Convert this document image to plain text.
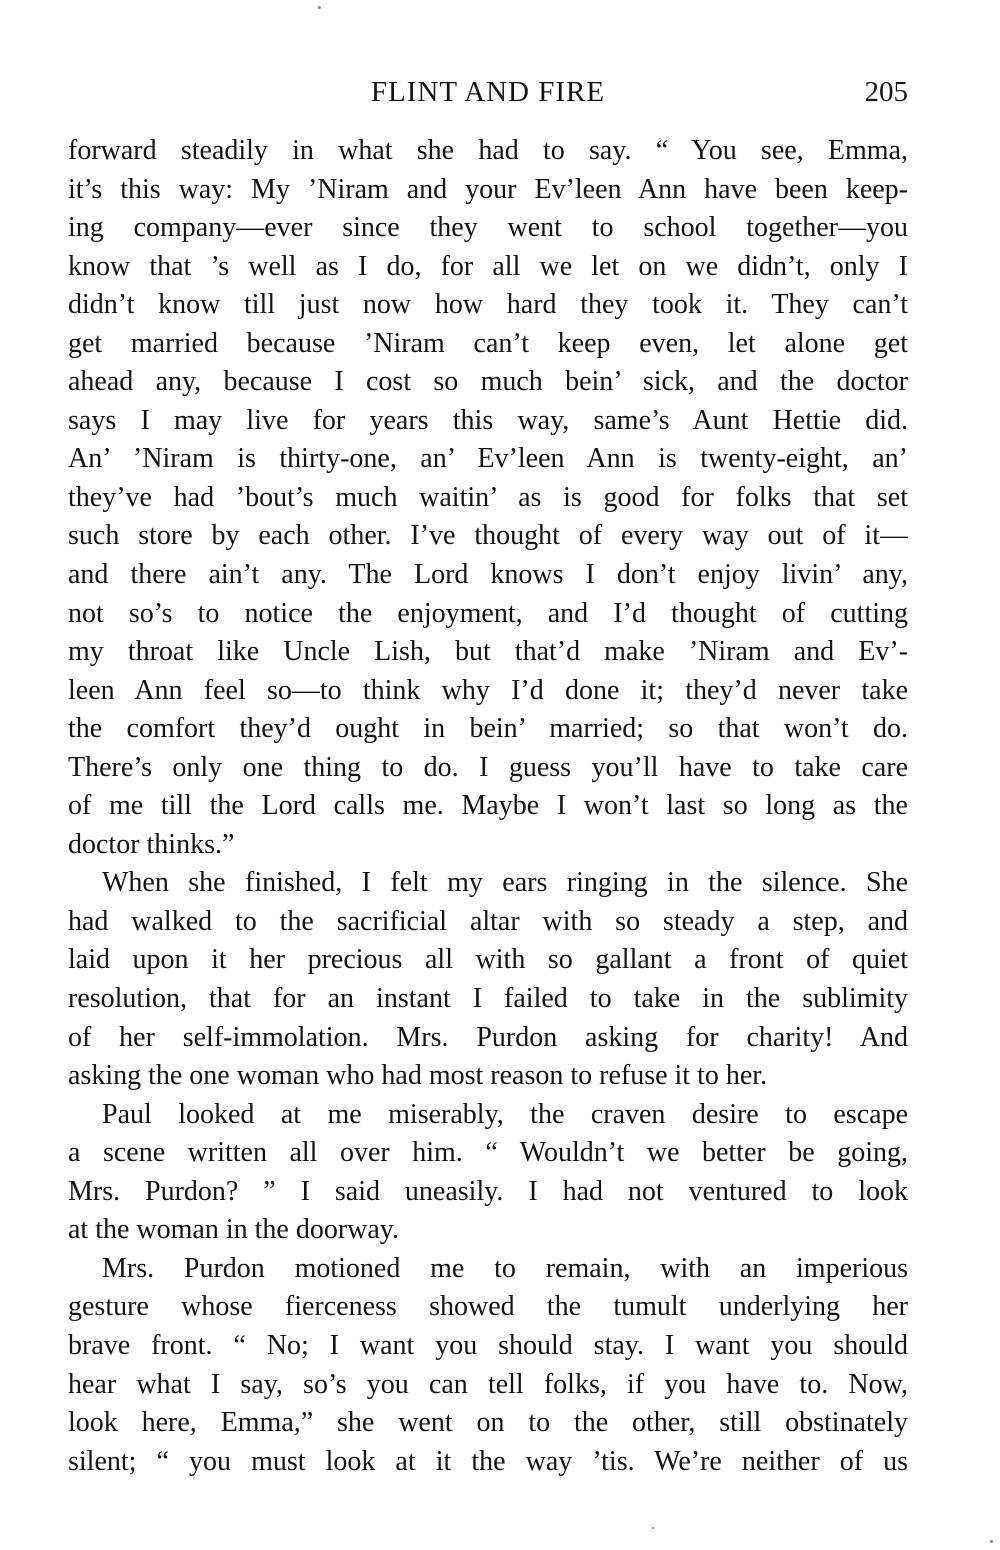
FLINT AND FIRE	205
forward steadily in what she had to say. “ You see, Emma,
it’s this way: My ’Niram and your Ev’leen Ann have been keep-
ing company—ever since they went to school together—you
know that ’s well as I do, for all we let on we didn’t, only I
didn’t know till just now how hard they took it. They can’t
get married because ’Niram can’t keep even, let alone get
ahead any, because I cost so much bein’ sick, and the doctor
says I may live for years this way, same’s Aunt Hettie did.
An’ ’Niram is thirty-one, an’ Ev’leen Ann is twenty-eight, an’
they’ve had ’bout’s much waitin’ as is good for folks that set
such store by each other. I’ve thought of every way out of it—
and there ain’t any. The Lord knows I don’t enjoy livin’ any,
not so’s to notice the enjoyment, and I’d thought of cutting
my throat like Uncle Lish, but that’d make ’Niram and Ev’-
leen Ann feel so—to think why I’d done it; they’d never take
the comfort they’d ought in bein’ married; so that won’t do.
There’s only one thing to do. I guess you’ll have to take care
of me till the Lord calls me. Maybe I won’t last so long as the
doctor thinks.”
When she finished, I felt my ears ringing in the silence. She
had walked to the sacrificial altar with so steady a step, and
laid upon it her precious all with so gallant a front of quiet
resolution, that for an instant I failed to take in the sublimity
of her self-immolation. Mrs. Purdon asking for charity! And
asking the one woman who had most reason to refuse it to her.
Paul looked at me miserably, the craven desire to escape
a scene written all over him. “ Wouldn’t we better be going,
Mrs. Purdon? ” I said uneasily. I had not ventured to look
at the woman in the doorway.
Mrs. Purdon motioned me to remain, with an imperious
gesture whose fierceness showed the tumult underlying her
brave front. “ No; I want you should stay. I want you should
hear what I say, so’s you can tell folks, if you have to. Now,
look here, Emma,” she went on to the other, still obstinately
silent; “ you must look at it the way ’tis. We’re neither of us
